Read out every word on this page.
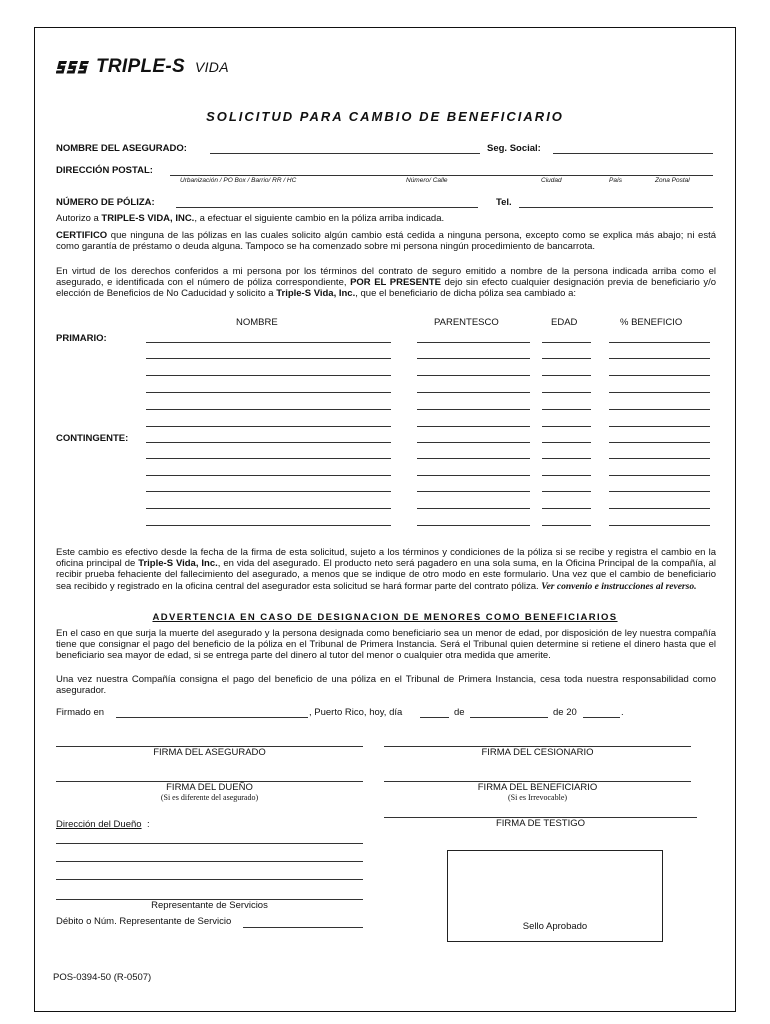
TRIPLE-S VIDA
SOLICITUD PARA CAMBIO DE BENEFICIARIO
NOMBRE DEL ASEGURADO:	Seg. Social:
DIRECCIÓN POSTAL:
Urbanización / PO Box / Barrio/ RR / HC	Número/ Calle	Ciudad	País	Zona Postal
NÚMERO DE PÓLIZA:	Tel.
Autorizo a TRIPLE-S VIDA, INC., a efectuar el siguiente cambio en la póliza arriba indicada.
CERTIFICO que ninguna de las pólizas en las cuales solicito algún cambio está cedida a ninguna persona, excepto como se explica más abajo; ni está como garantía de préstamo o deuda alguna. Tampoco se ha comenzado sobre mi persona ningún procedimiento de bancarrota.
En virtud de los derechos conferidos a mi persona por los términos del contrato de seguro emitido a nombre de la persona indicada arriba como el asegurado, e identificada con el número de póliza correspondiente, POR EL PRESENTE dejo sin efecto cualquier designación previa de beneficiario y/o elección de Beneficios de No Caducidad y solicito a Triple-S Vida, Inc., que el beneficiario de dicha póliza sea cambiado a:
NOMBRE	PARENTESCO	EDAD	% BENEFICIO
PRIMARIO:
CONTINGENTE:
Este cambio es efectivo desde la fecha de la firma de esta solicitud, sujeto a los términos y condiciones de la póliza si se recibe y registra el cambio en la oficina principal de Triple-S Vida, Inc., en vida del asegurado. El producto neto será pagadero en una sola suma, en la Oficina Principal de la compañía, al recibir prueba fehaciente del fallecimiento del asegurado, a menos que se indique de otro modo en este formulario. Una vez que el cambio de beneficiario sea recibido y registrado en la oficina central del asegurador esta solicitud se hará formar parte del contrato póliza. Ver convenio e instrucciones al reverso.
ADVERTENCIA EN CASO DE DESIGNACION DE MENORES COMO BENEFICIARIOS
En el caso en que surja la muerte del asegurado y la persona designada como beneficiario sea un menor de edad, por disposición de ley nuestra compañía tiene que consignar el pago del beneficio de la póliza en el Tribunal de Primera Instancia. Será el Tribunal quien determine si retiene el dinero hasta que el beneficiario sea mayor de edad, si se entrega parte del dinero al tutor del menor o cualquier otra medida que amerite.
Una vez nuestra Compañía consigna el pago del beneficio de una póliza en el Tribunal de Primera Instancia, cesa toda nuestra responsabilidad como asegurador.
Firmado en	, Puerto Rico, hoy, día	de	de 20	.
FIRMA DEL ASEGURADO	FIRMA DEL CESIONARIO
FIRMA DEL DUEÑO
(Si es diferente del asegurado)
FIRMA DEL BENEFICIARIO
(Si es Irrevocable)
Dirección del Dueño :	FIRMA DE TESTIGO
Representante de Servicios
Débito o Núm. Representante de Servicio	Sello Aprobado
POS-0394-50 (R-0507)
